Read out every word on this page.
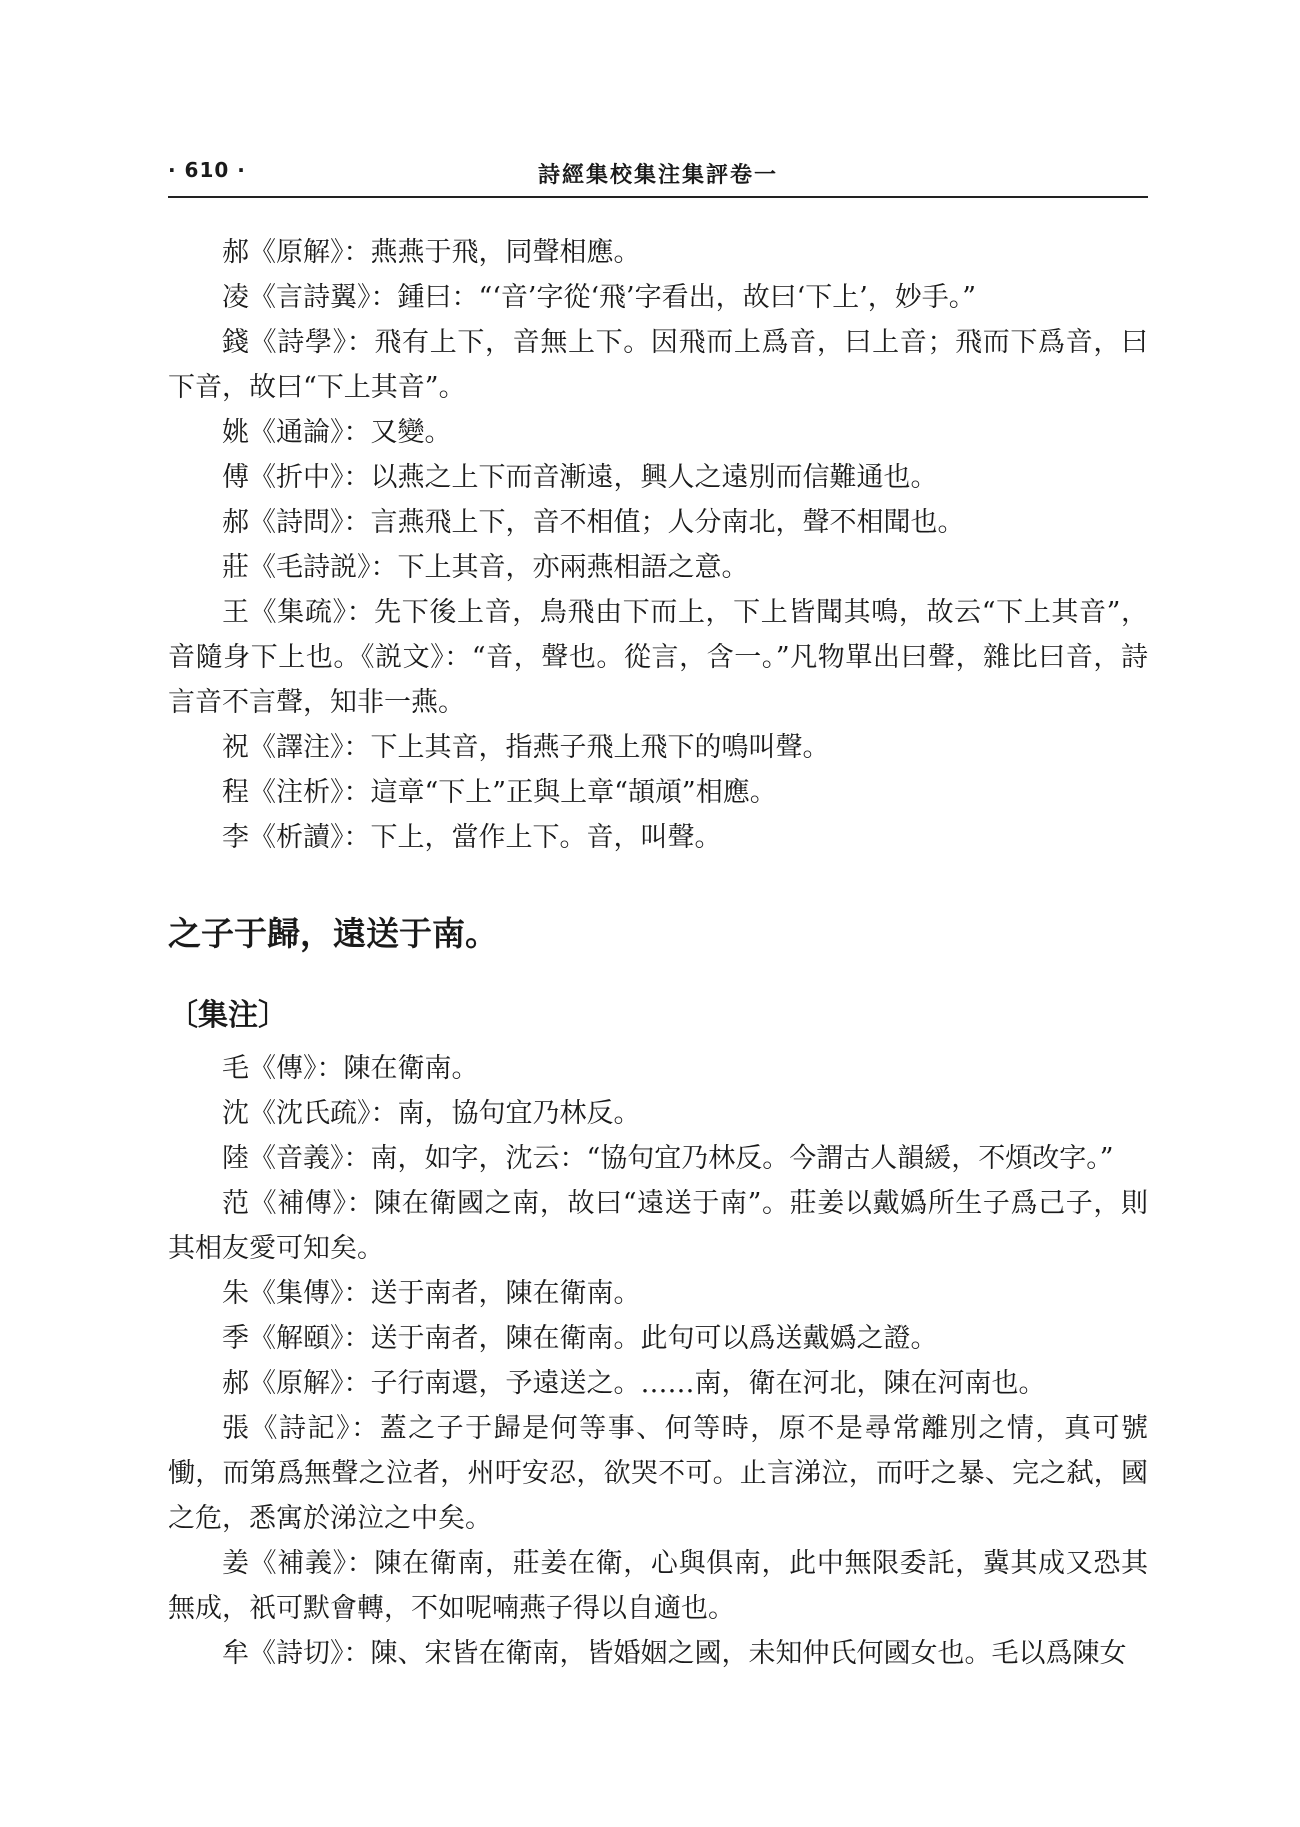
· 610 ·	詩經集校集注集評卷一

郝《原解》：燕燕于飛，同聲相應。

凌《言詩翼》：鍾曰：“‘音’字從‘飛’字看出，故曰‘下上’，妙手。”

錢《詩學》：飛有上下，音無上下。因飛而上爲音，曰上音；飛而下爲音，曰下音，故曰“下上其音”。

姚《通論》：又變。

傅《折中》：以燕之上下而音漸遠，興人之遠別而信難通也。

郝《詩問》：言燕飛上下，音不相值；人分南北，聲不相聞也。

莊《毛詩説》：下上其音，亦兩燕相語之意。

王《集疏》：先下後上音，鳥飛由下而上，下上皆聞其鳴，故云“下上其音”，音隨身下上也。《説文》：“音，聲也。從言，含一。”凡物單出曰聲，雜比曰音，詩言音不言聲，知非一燕。

祝《譯注》：下上其音，指燕子飛上飛下的鳴叫聲。

程《注析》：這章“下上”正與上章“頡頏”相應。

李《析讀》：下上，當作上下。音，叫聲。

之子于歸，遠送于南。
〔集注〕

毛《傳》：陳在衛南。

沈《沈氏疏》：南，協句宜乃林反。

陸《音義》：南，如字，沈云：“協句宜乃林反。今謂古人韻緩，不煩改字。”

范《補傳》：陳在衛國之南，故曰“遠送于南”。莊姜以戴嬀所生子爲己子，則其相友愛可知矣。

朱《集傳》：送于南者，陳在衛南。

季《解頤》：送于南者，陳在衛南。此句可以爲送戴嬀之證。

郝《原解》：子行南還，予遠送之。……南，衛在河北，陳在河南也。

張《詩記》：蓋之子于歸是何等事、何等時，原不是尋常離別之情，真可號慟，而第爲無聲之泣者，州吁安忍，欲哭不可。止言涕泣，而吁之暴、完之弑，國之危，悉寓於涕泣之中矣。

姜《補義》：陳在衛南，莊姜在衛，心與俱南，此中無限委託，冀其成又恐其無成，祇可默會轉，不如呢喃燕子得以自適也。

牟《詩切》：陳、宋皆在衛南，皆婚姻之國，未知仲氏何國女也。毛以爲陳女
